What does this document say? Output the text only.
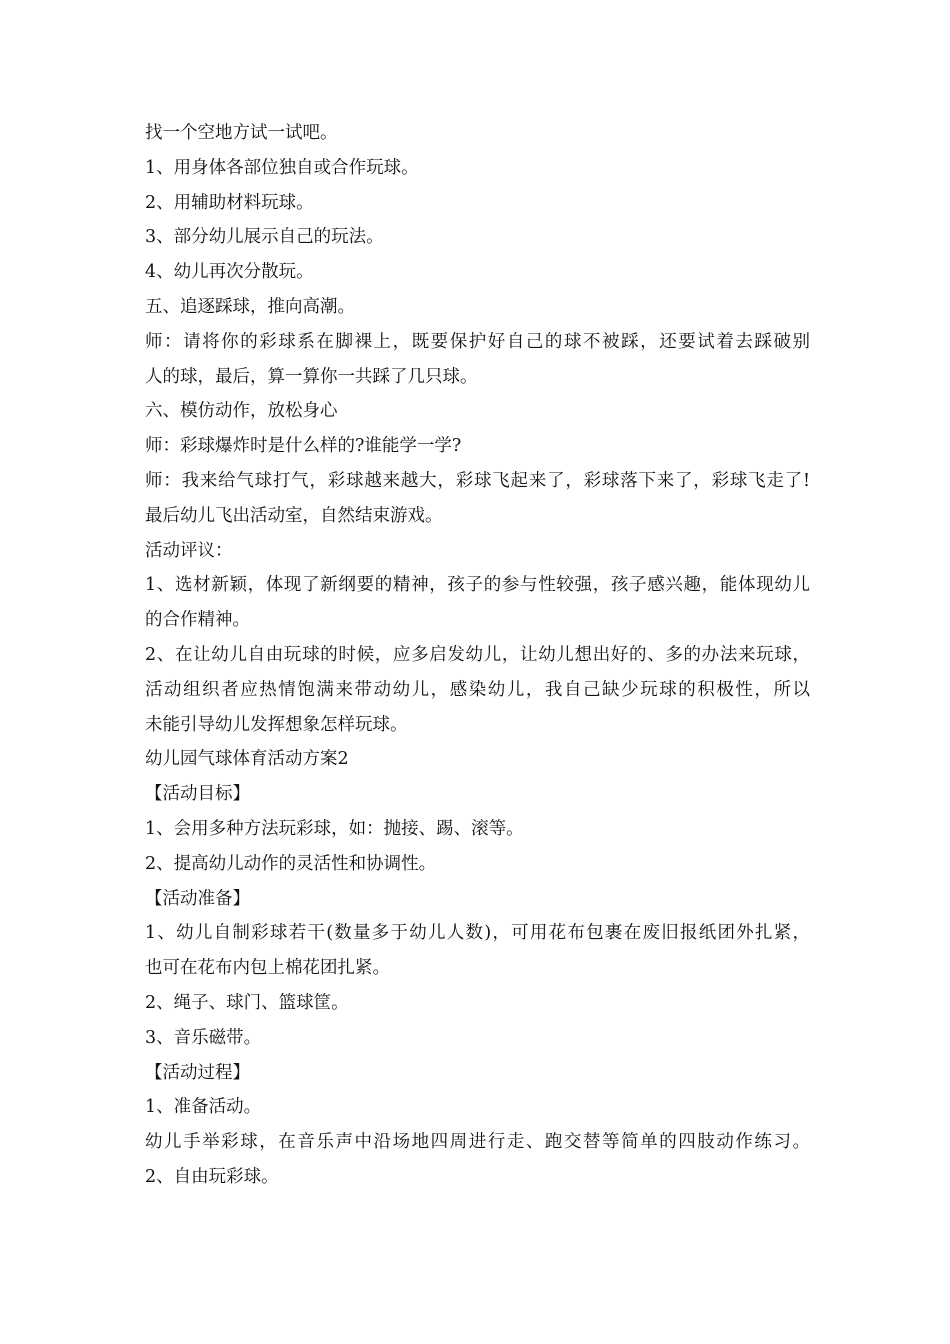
找一个空地方试一试吧。
1、用身体各部位独自或合作玩球。
2、用辅助材料玩球。
3、部分幼儿展示自己的玩法。
4、幼儿再次分散玩。
五、追逐踩球，推向高潮。
师：请将你的彩球系在脚裸上，既要保护好自己的球不被踩，还要试着去踩破别
人的球，最后，算一算你一共踩了几只球。
六、模仿动作，放松身心
师：彩球爆炸时是什么样的?谁能学一学?
师：我来给气球打气，彩球越来越大，彩球飞起来了，彩球落下来了，彩球飞走了!
最后幼儿飞出活动室，自然结束游戏。
活动评议：
1、选材新颖，体现了新纲要的精神，孩子的参与性较强，孩子感兴趣，能体现幼儿
的合作精神。
2、在让幼儿自由玩球的时候，应多启发幼儿，让幼儿想出好的、多的办法来玩球，
活动组织者应热情饱满来带动幼儿，感染幼儿，我自己缺少玩球的积极性，所以
未能引导幼儿发挥想象怎样玩球。
幼儿园气球体育活动方案2
【活动目标】
1、会用多种方法玩彩球，如：抛接、踢、滚等。
2、提高幼儿动作的灵活性和协调性。
【活动准备】
1、幼儿自制彩球若干(数量多于幼儿人数)，可用花布包裹在废旧报纸团外扎紧，
也可在花布内包上棉花团扎紧。
2、绳子、球门、篮球筐。
3、音乐磁带。
【活动过程】
1、准备活动。
幼儿手举彩球，在音乐声中沿场地四周进行走、跑交替等简单的四肢动作练习。
2、自由玩彩球。
